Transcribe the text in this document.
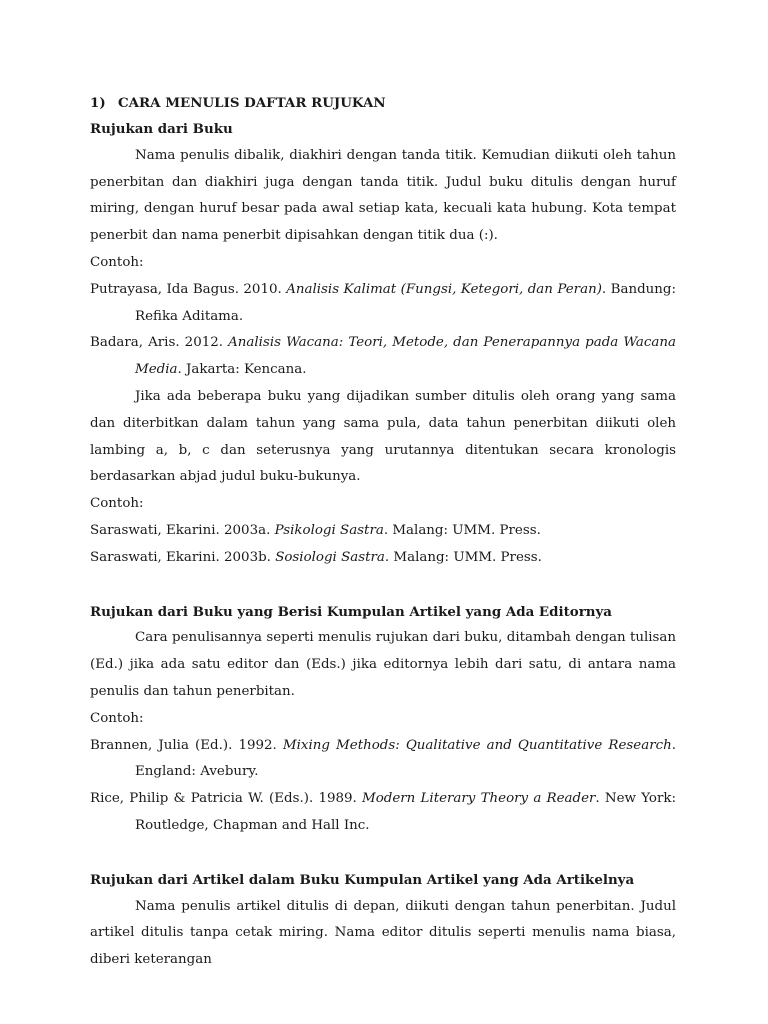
1) CARA MENULIS DAFTAR RUJUKAN

Rujukan dari Buku

Nama penulis dibalik, diakhiri dengan tanda titik. Kemudian diikuti oleh tahun penerbitan dan diakhiri juga dengan tanda titik. Judul buku ditulis dengan huruf miring, dengan huruf besar pada awal setiap kata, kecuali kata hubung. Kota tempat penerbit dan nama penerbit dipisahkan dengan titik dua (:).

Contoh:

Putrayasa, Ida Bagus. 2010. Analisis Kalimat (Fungsi, Ketegori, dan Peran). Bandung: Refika Aditama.

Badara, Aris. 2012. Analisis Wacana: Teori, Metode, dan Penerapannya pada Wacana Media. Jakarta: Kencana.

Jika ada beberapa buku yang dijadikan sumber ditulis oleh orang yang sama dan diterbitkan dalam tahun yang sama pula, data tahun penerbitan diikuti oleh lambing a, b, c dan seterusnya yang urutannya ditentukan secara kronologis berdasarkan abjad judul buku-bukunya.

Contoh:

Saraswati, Ekarini. 2003a. Psikologi Sastra. Malang: UMM. Press.

Saraswati, Ekarini. 2003b. Sosiologi Sastra. Malang: UMM. Press.

Rujukan dari Buku yang Berisi Kumpulan Artikel yang Ada Editornya

Cara penulisannya seperti menulis rujukan dari buku, ditambah dengan tulisan (Ed.) jika ada satu editor dan (Eds.) jika editornya lebih dari satu, di antara nama penulis dan tahun penerbitan.

Contoh:

Brannen, Julia (Ed.). 1992. Mixing Methods: Qualitative and Quantitative Research. England: Avebury.

Rice, Philip & Patricia W. (Eds.). 1989. Modern Literary Theory a Reader. New York: Routledge, Chapman and Hall Inc.

Rujukan dari Artikel dalam Buku Kumpulan Artikel yang Ada Artikelnya

Nama penulis artikel ditulis di depan, diikuti dengan tahun penerbitan. Judul artikel ditulis tanpa cetak miring. Nama editor ditulis seperti menulis nama biasa, diberi keterangan
